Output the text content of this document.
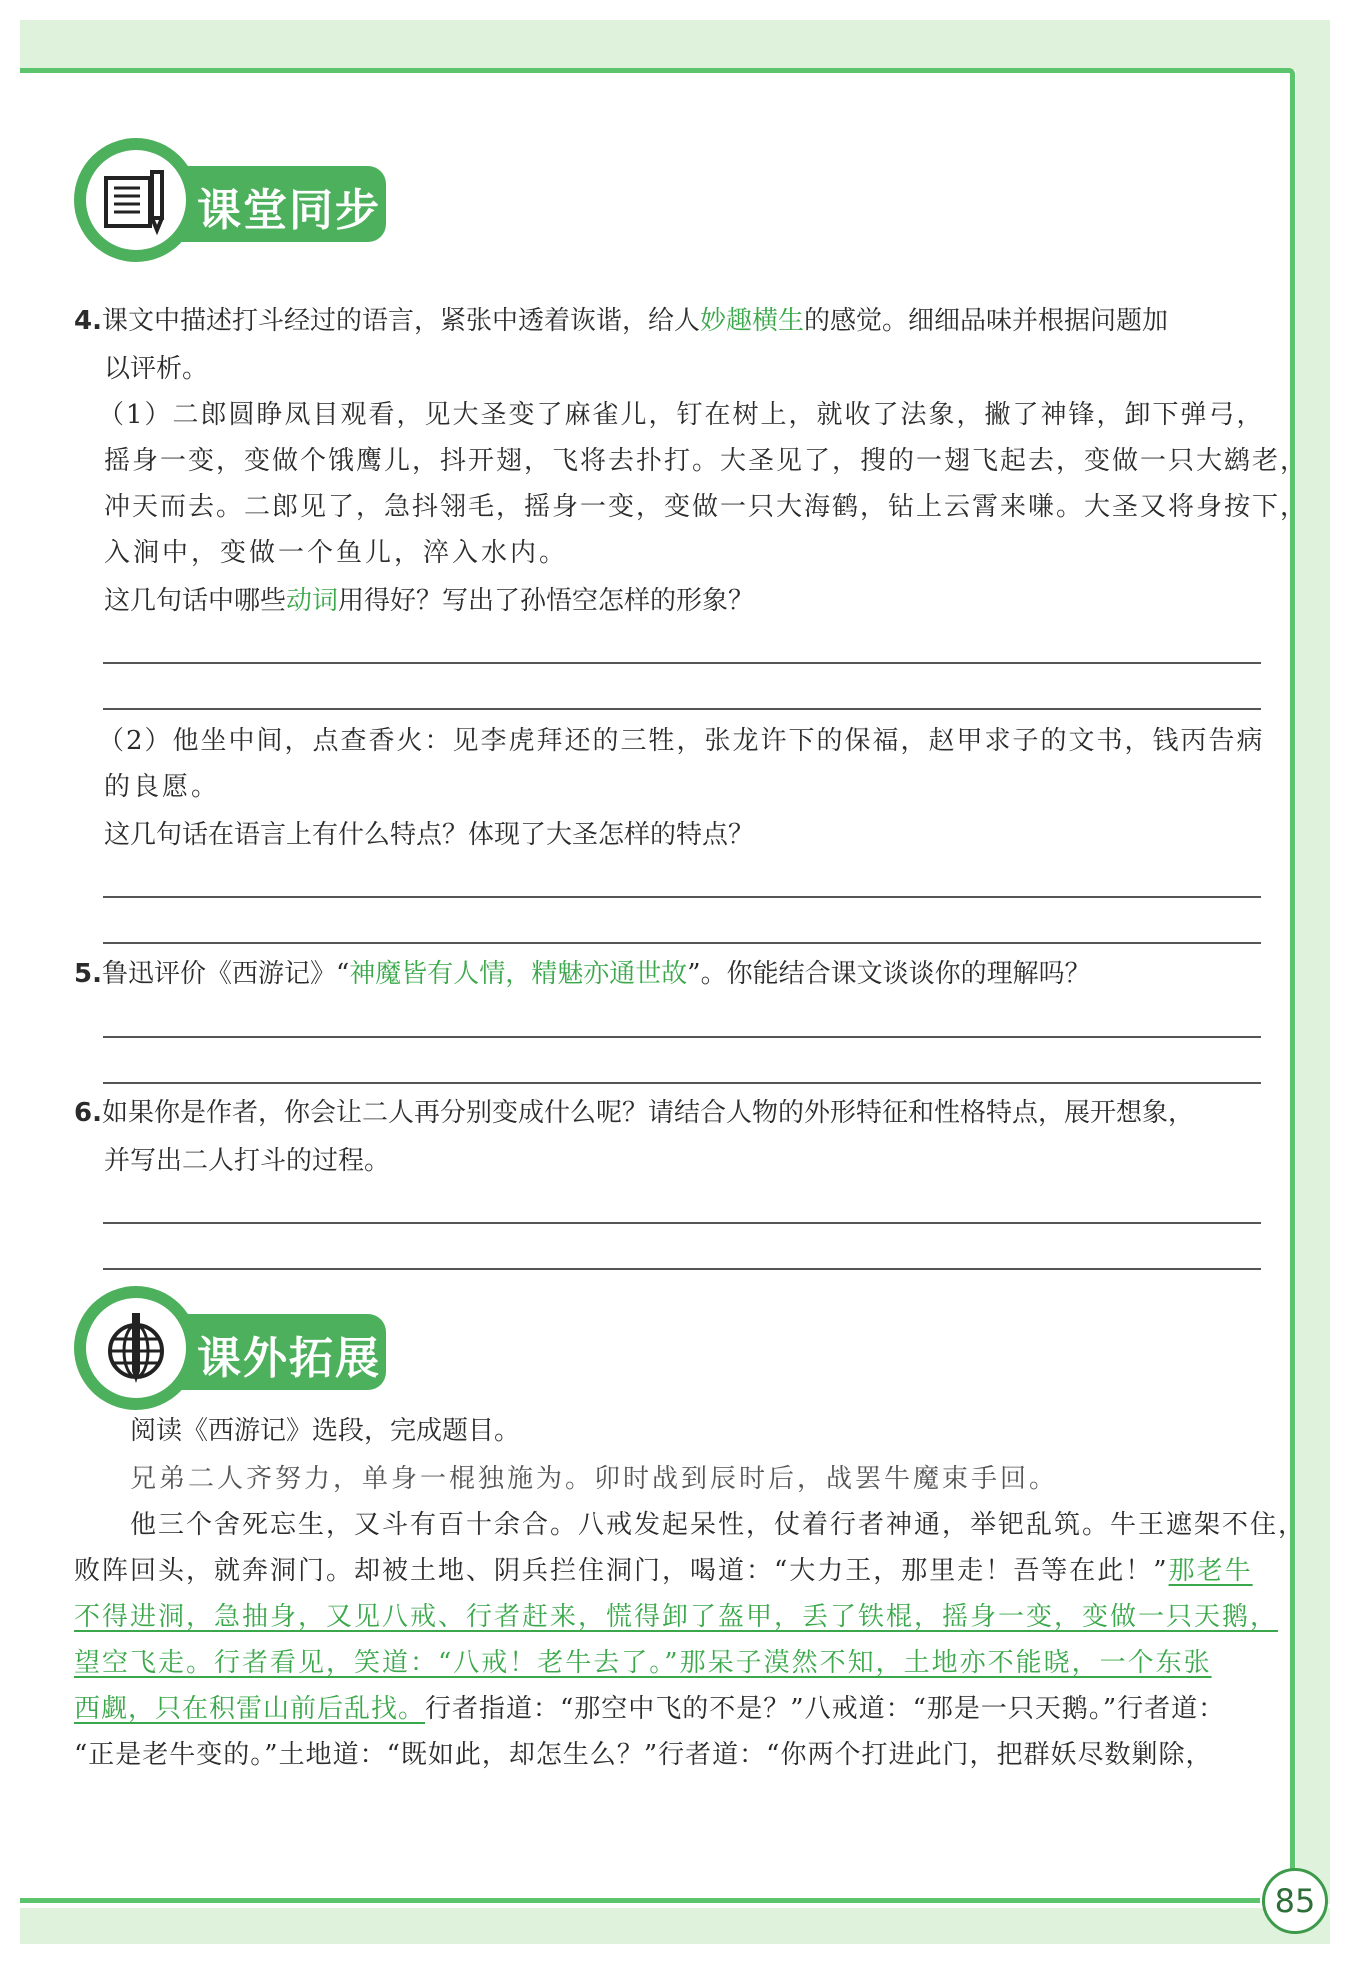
85
课堂同步
4.课文中描述打斗经过的语言，紧张中透着诙谐，给人妙趣横生的感觉。细细品味并根据问题加
以评析。
（1）二郎圆睁凤目观看，见大圣变了麻雀儿，钉在树上，就收了法象，撇了神锋，卸下弹弓，
摇身一变，变做个饿鹰儿，抖开翅，飞将去扑打。大圣见了，搜的一翅飞起去，变做一只大鹚老，
冲天而去。二郎见了，急抖翎毛，摇身一变，变做一只大海鹤，钻上云霄来嗛。大圣又将身按下，
入涧中，变做一个鱼儿，淬入水内。
这几句话中哪些动词用得好？写出了孙悟空怎样的形象？
（2）他坐中间，点查香火：见李虎拜还的三牲，张龙许下的保福，赵甲求子的文书，钱丙告病
的良愿。
这几句话在语言上有什么特点？体现了大圣怎样的特点？
5.鲁迅评价《西游记》“神魔皆有人情，精魅亦通世故”。你能结合课文谈谈你的理解吗？
6.如果你是作者，你会让二人再分别变成什么呢？请结合人物的外形特征和性格特点，展开想象，
并写出二人打斗的过程。
课外拓展
阅读《西游记》选段，完成题目。
兄弟二人齐努力，单身一棍独施为。卯时战到辰时后，战罢牛魔束手回。
他三个舍死忘生，又斗有百十余合。八戒发起呆性，仗着行者神通，举钯乱筑。牛王遮架不住，
败阵回头，就奔洞门。却被土地、阴兵拦住洞门，喝道：“大力王，那里走！吾等在此！”那老牛
不得进洞，急抽身，又见八戒、行者赶来，慌得卸了盔甲，丢了铁棍，摇身一变，变做一只天鹅，
望空飞走。行者看见，笑道：“八戒！老牛去了。”那呆子漠然不知，土地亦不能晓，一个东张
西觑，只在积雷山前后乱找。行者指道：“那空中飞的不是？”八戒道：“那是一只天鹅。”行者道：
“正是老牛变的。”土地道：“既如此，却怎生么？”行者道：“你两个打进此门，把群妖尽数剿除，
